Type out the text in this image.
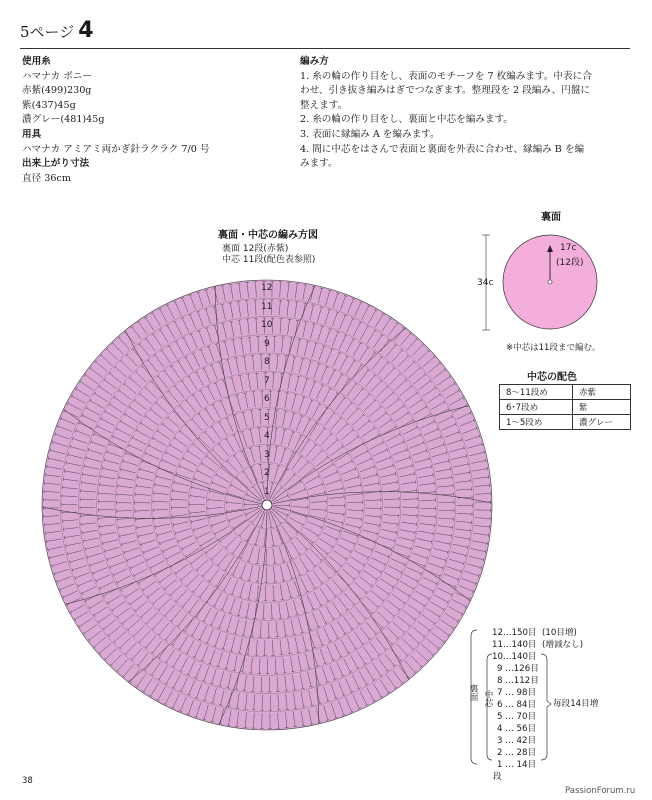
5ページ 4
使用糸
ハマナカ ボニー
赤紫(499)230g
紫(437)45g
濃グレー(481)45g
用具
ハマナカ アミアミ両かぎ針ラクラク 7/0 号
出来上がり寸法
直径 36cm
編み方
1. 糸の輪の作り目をし、表面のモチーフを 7 枚編みます。中表に合
わせ、引き抜き編みはぎでつなぎます。整理段を 2 段編み、円盤に
整えます。
2. 糸の輪の作り目をし、裏面と中芯を編みます。
3. 表面に縁編み A を編みます。
4. 間に中芯をはさんで表面と裏面を外表に合わせ、縁編み B を編
みます。
裏面・中芯の編み方図
裏面 12段(赤紫)
中芯 11段(配色表参照)
12
11
10
9
8
7
6
5
4
3
2
1
裏面
34c
17c
(12段)
※中芯は11段まで編む。
中芯の配色
8〜11段め	赤紫
6･7段め	紫
1〜5段め	濃グレー
裏面 中芯	毎段14目増
12…150目 (10目増)
11…140目 (増減なし)
10…140目
9 …126目
8 …112目
7 … 98目
6 … 84目
5 … 70目
4 … 56目
3 … 42目
2 … 28目
1 … 14目
段
38
PassionForum.ru
